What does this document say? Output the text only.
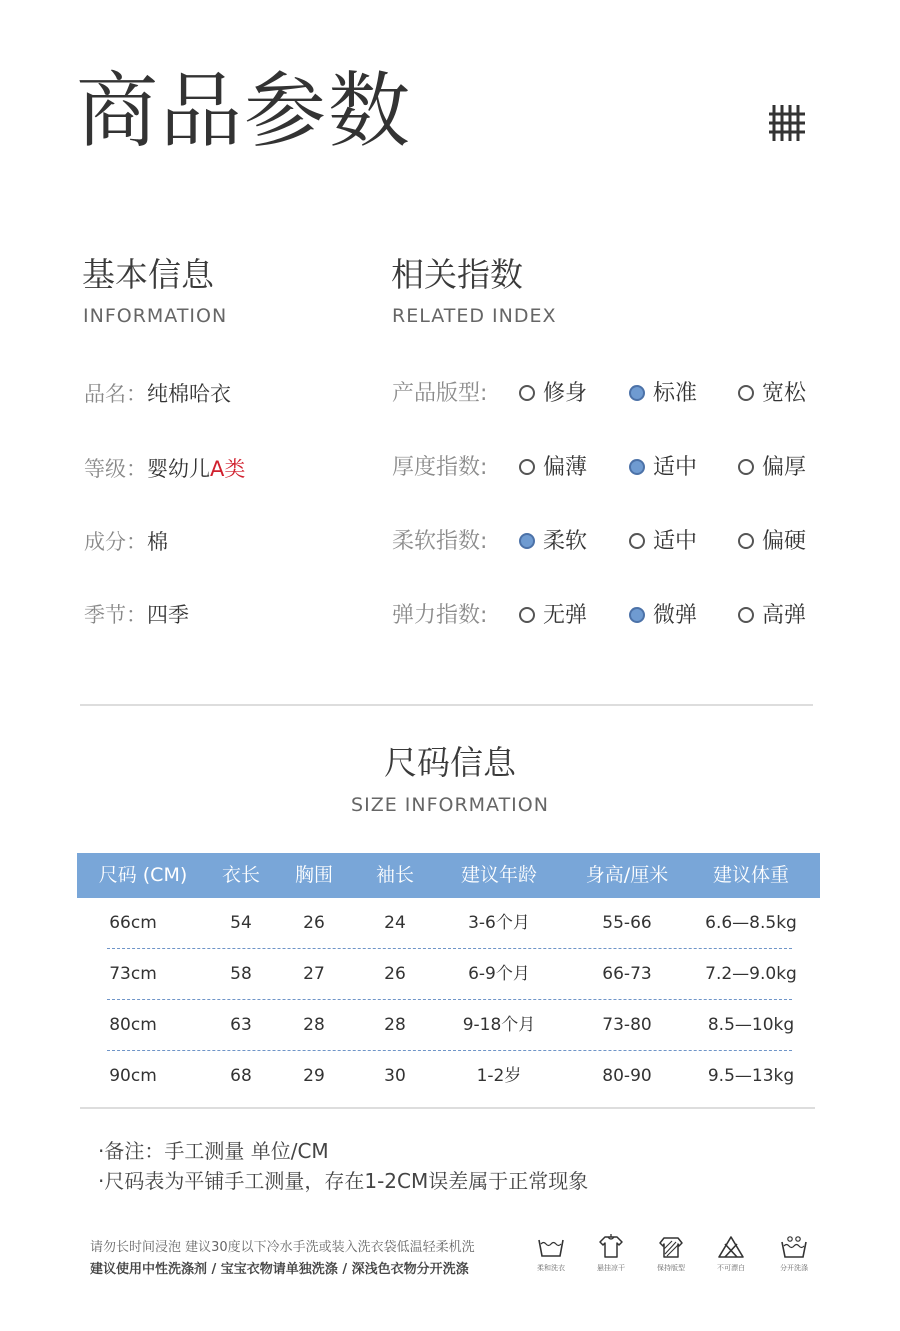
商品参数
基本信息
INFORMATION
品名：纯棉哈衣
等级：婴幼儿A类
成分：棉
季节：四季
相关指数
RELATED INDEX
产品版型:	修身	标准	宽松
厚度指数:	偏薄	适中	偏厚
柔软指数:	柔软	适中	偏硬
弹力指数:	无弹	微弹	高弹
尺码信息
SIZE INFORMATION
尺码 (CM)	衣长	胸围	袖长	建议年龄	身高/厘米	建议体重
66cm	54	26	24	3-6个月	55-66	6.6—8.5kg
73cm	58	27	26	6-9个月	66-73	7.2—9.0kg
80cm	63	28	28	9-18个月	73-80	8.5—10kg
90cm	68	29	30	1-2岁	80-90	9.5—13kg
·备注：手工测量 单位/CM
·尺码表为平铺手工测量，存在1-2CM误差属于正常现象
请勿长时间浸泡 建议30度以下冷水手洗或装入洗衣袋低温轻柔机洗
建议使用中性洗涤剂 / 宝宝衣物请单独洗涤 / 深浅色衣物分开洗涤	柔和洗衣	悬挂凉干	保持版型	不可漂白	分开洗涤
